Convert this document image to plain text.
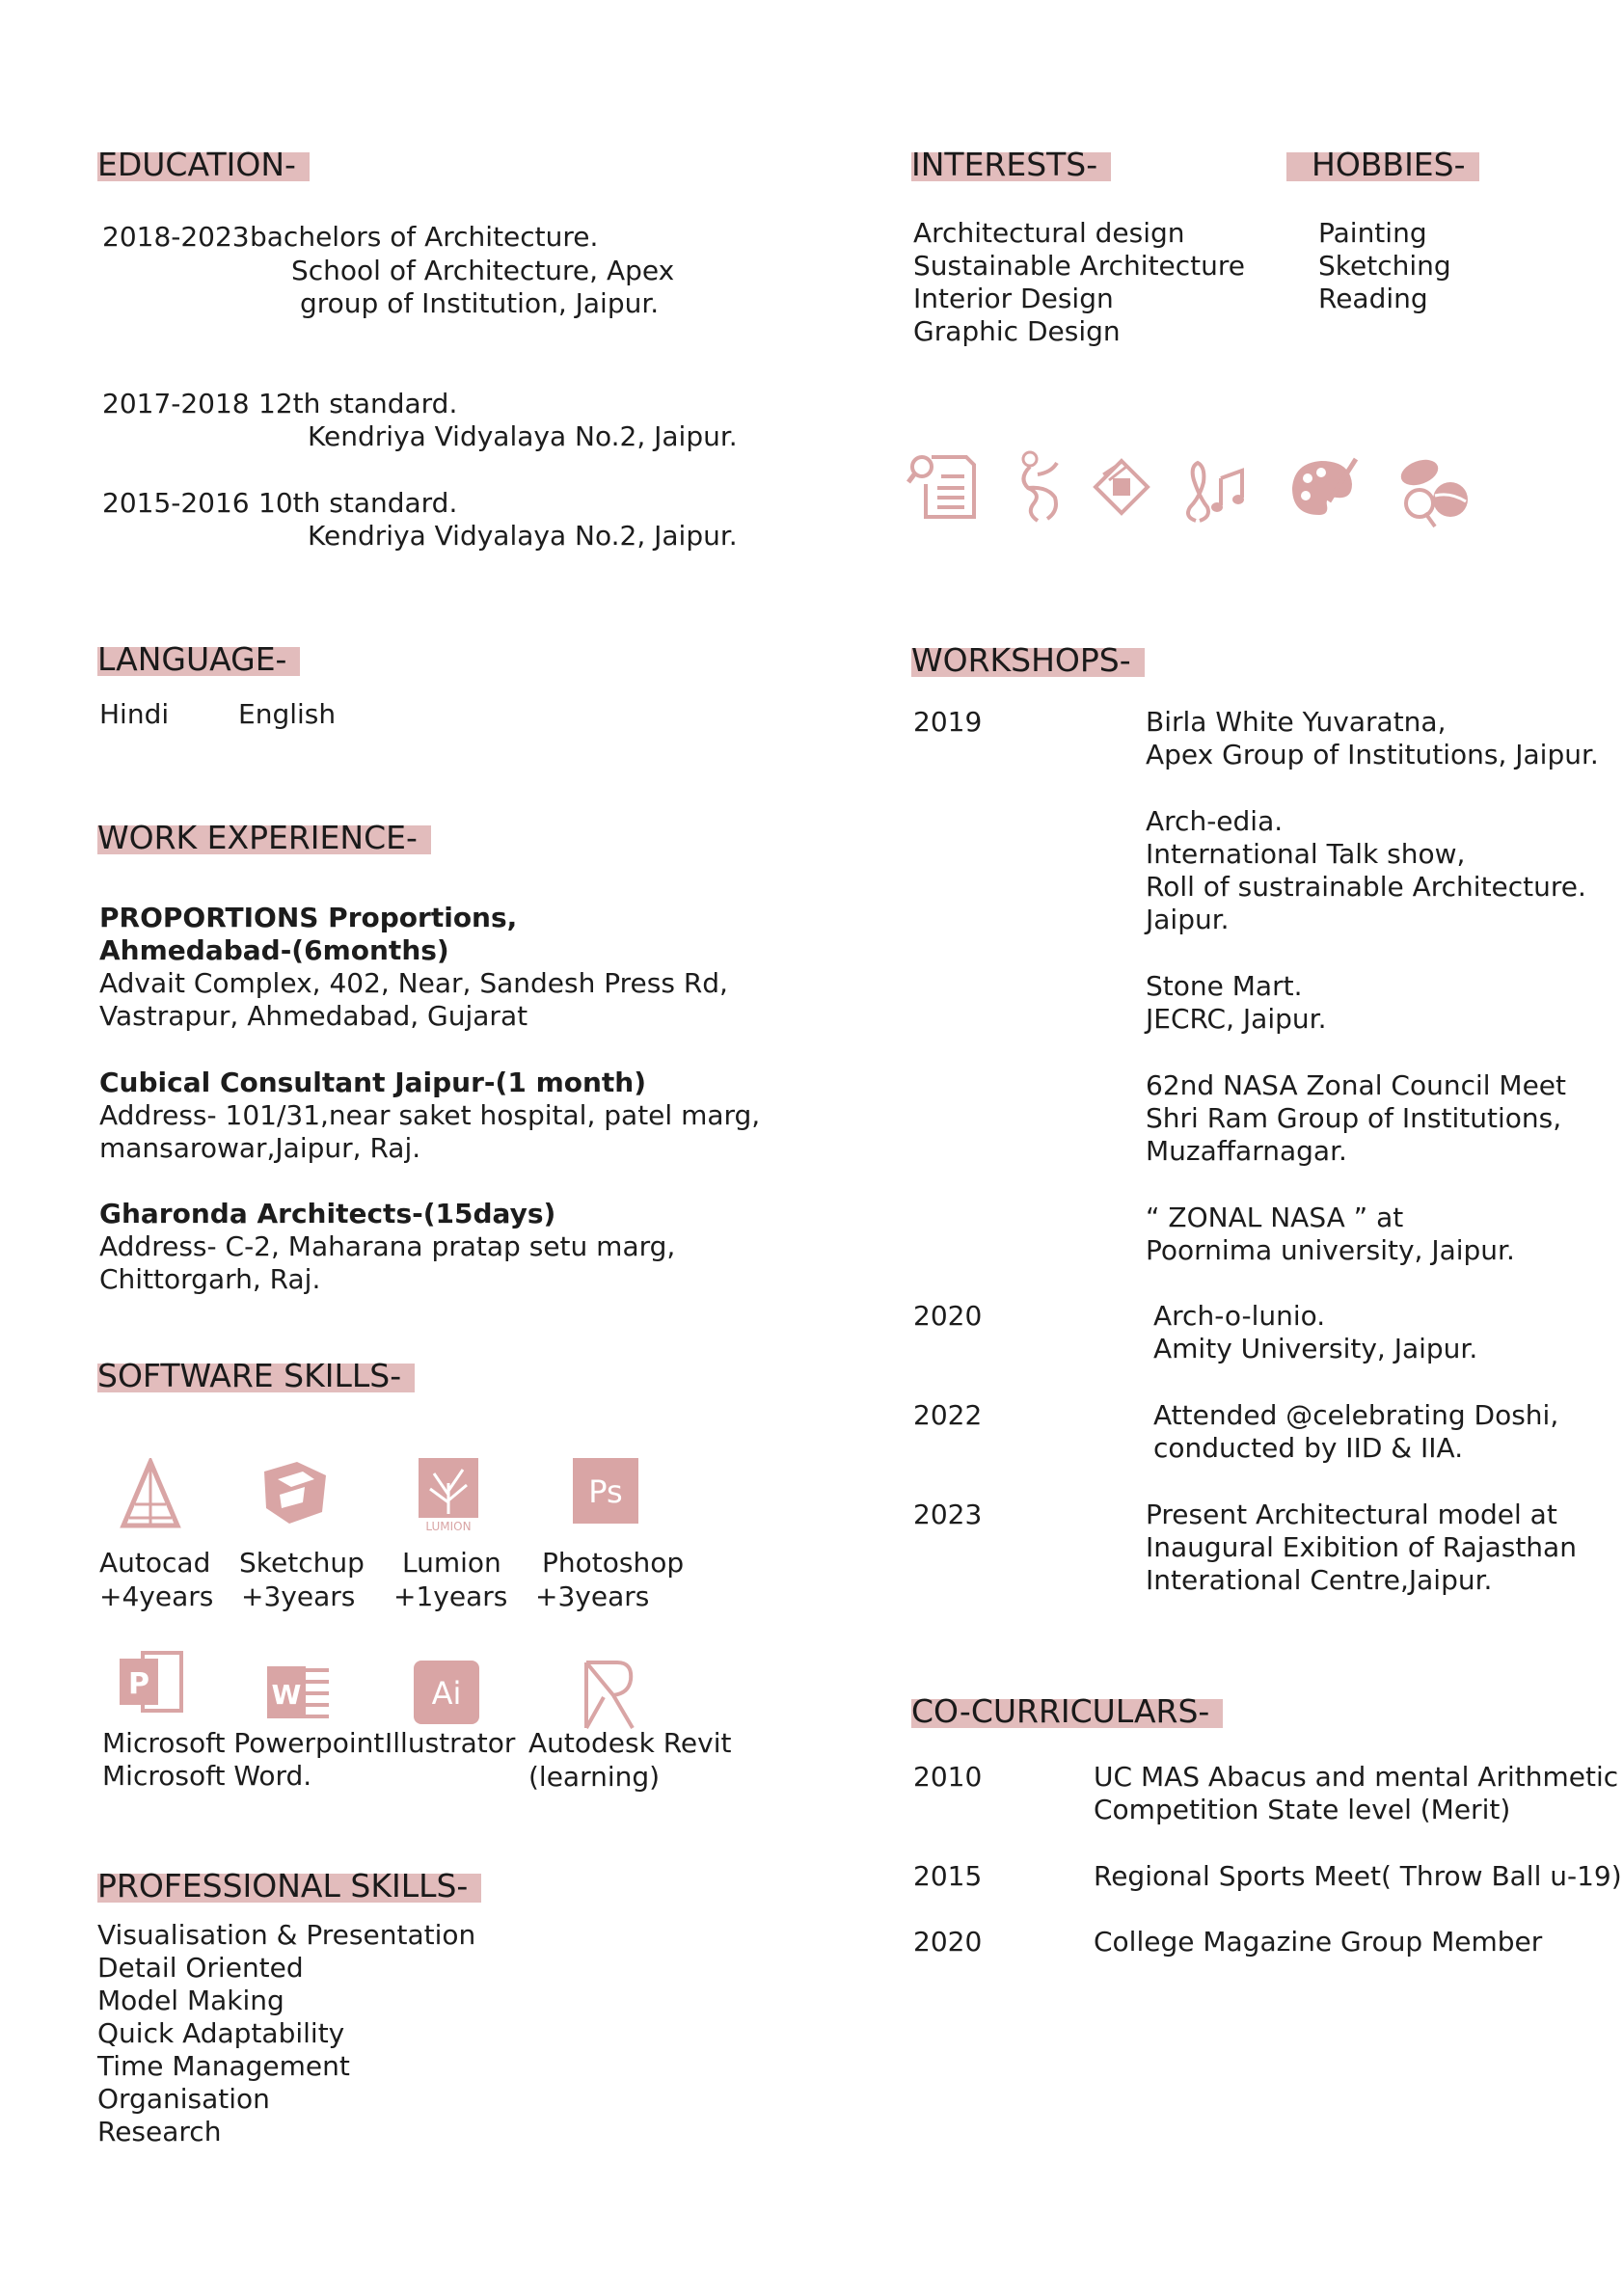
EDUCATION-
2018-2023 bachelors of Architecture.
School of Architecture, Apex
group of Institution, Jaipur.
2017-2018 12th standard.
Kendriya Vidyalaya No.2, Jaipur.
2015-2016 10th standard.
Kendriya Vidyalaya No.2, Jaipur.
LANGUAGE-
Hindi	English
WORK EXPERIENCE-
PROPORTIONS Proportions,
Ahmedabad-(6months)
Advait Complex, 402, Near, Sandesh Press Rd,
Vastrapur, Ahmedabad, Gujarat
Cubical Consultant Jaipur-(1 month)
Address- 101/31,near saket hospital, patel marg,
mansarowar,Jaipur, Raj.
Gharonda Architects-(15days)
Address- C-2, Maharana pratap setu marg,
Chittorgarh, Raj.
SOFTWARE SKILLS-
LUMION
Ps
Autocad
+4years
Sketchup
+3years
Lumion
+1years
Photoshop
+3years
P	W	Ai
R
Microsoft Powerpoint.
Microsoft Word.
Illustrator Autodesk Revit
(learning)
PROFESSIONAL SKILLS-
Visualisation & Presentation
Detail Oriented
Model Making
Quick Adaptability
Time Management
Organisation
Research
INTERESTS-	HOBBIES-
Architectural design
Sustainable Architecture
Interior Design
Graphic Design
Painting
Sketching
Reading
WORKSHOPS-
2019	Birla White Yuvaratna,
Apex Group of Institutions, Jaipur.
Arch-edia.
International Talk show,
Roll of sustrainable Architecture.
Jaipur.
Stone Mart.
JECRC, Jaipur.
62nd NASA Zonal Council Meet
Shri Ram Group of Institutions,
Muzaffarnagar.
“ ZONAL NASA ” at
Poornima university, Jaipur.
2020	Arch-o-lunio.
Amity University, Jaipur.
2022	Attended @celebrating Doshi,
conducted by IID & IIA.
2023	Present Architectural model at
Inaugural Exibition of Rajasthan
Interational Centre,Jaipur.
CO-CURRICULARS-
2010	UC MAS Abacus and mental Arithmetic
Competition State level (Merit)
2015	Regional Sports Meet( Throw Ball u-19)
2020	College Magazine Group Member
